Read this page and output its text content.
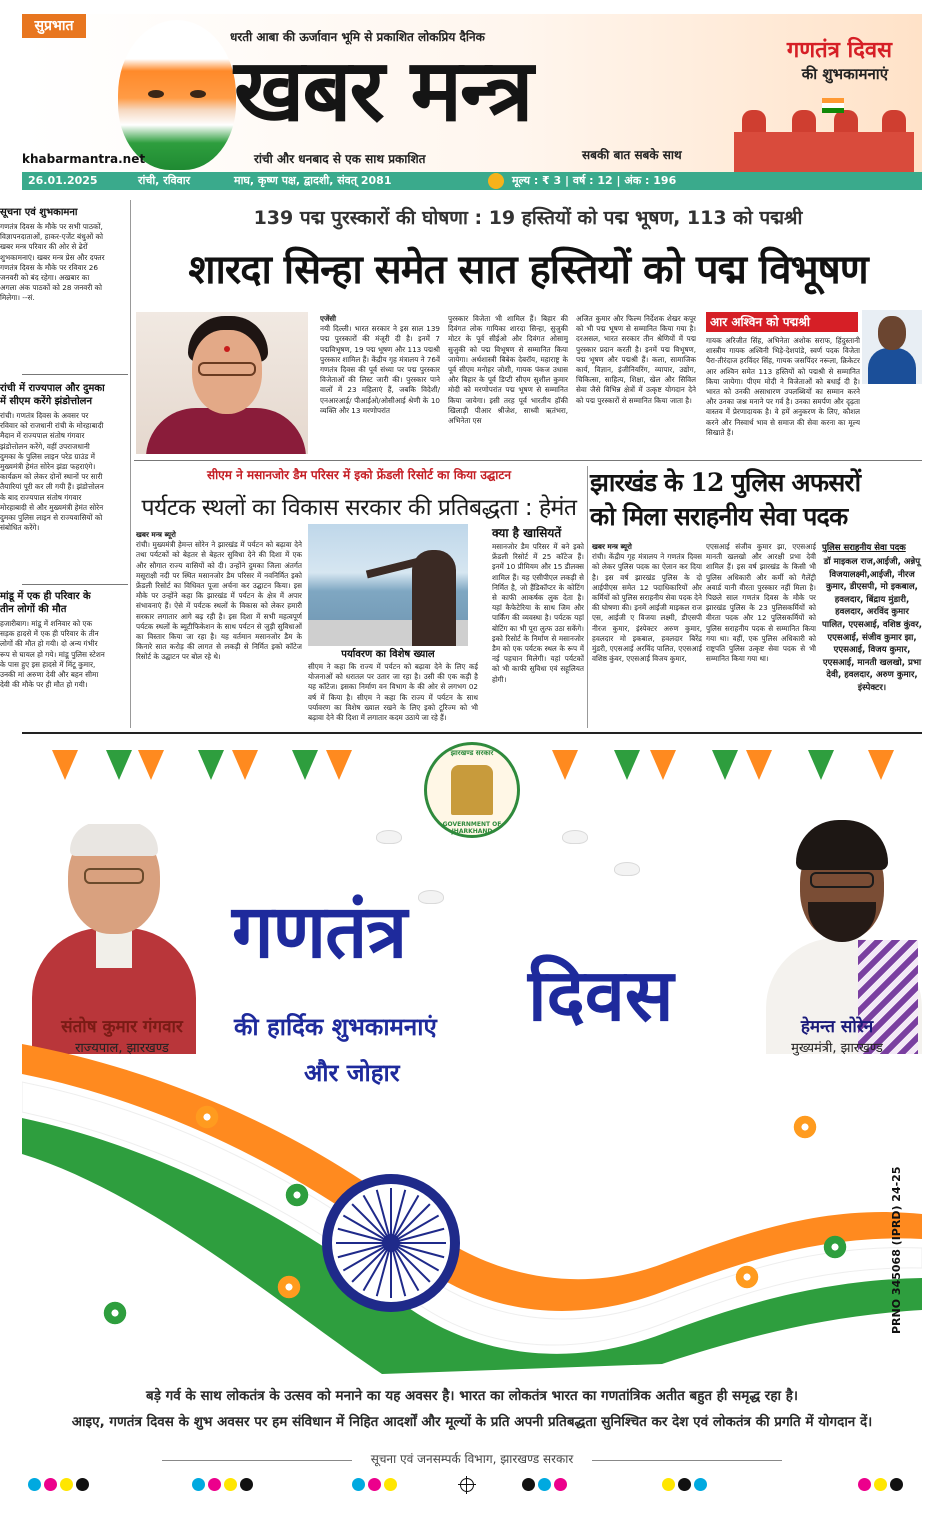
सुप्रभात
धरती आबा की ऊर्जावान भूमि से प्रकाशित लोकप्रिय दैनिक
खबर मन्त्र
रांची और धनबाद से एक साथ प्रकाशित	सबकी बात सबके साथ
khabarmantra.net
गणतंत्र दिवस
की शुभकामनाएं
26.01.2025	रांची, रविवार	माघ, कृष्ण पक्ष, द्वादशी, संवत् 2081	मूल्य : ₹ 3 | वर्ष : 12 | अंक : 196
सूचना एवं शुभकामना
गणतंत्र दिवस के मौके पर सभी पाठकों, विज्ञापनदाताओं, हाकर-एजेंट बंधुओं को खबर मन्त्र परिवार की ओर से ढेरों शुभकामनाएं। खबर मन्त्र प्रेस और दफ्तर गणतंत्र दिवस के मौके पर रविवार 26 जनवरी को बंद रहेगा। अखबार का अगला अंक पाठकों को 28 जनवरी को मिलेगा। --सं.
रांची में राज्यपाल और दुमका में सीएम करेंगे झंडोत्तोलन
रांची। गणतंत्र दिवस के अवसर पर रविवार को राजधानी रांची के मोरहाबादी मैदान में राज्यपाल संतोष गंगवार झंडोत्तोलन करेंगे, वहीं उपराजधानी दुमका के पुलिस लाइन परेड ग्राउंड में मुख्यमंत्री हेमंत सोरेन झंडा फहराएंगे। कार्यक्रम को लेकर दोनों स्थानों पर सारी तैयारियां पूरी कर ली गयी हैं। झंडोत्तोलन के बाद राज्यपाल संतोष गंगवार मोरहाबादी से और मुख्यमंत्री हेमंत सोरेन दुमका पुलिस लाइन से राज्यवासियों को संबोधित करेंगे।
मांडू में एक ही परिवार के तीन लोगों की मौत
हजारीबाग। मांडू में शनिवार को एक सड़क हादसे में एक ही परिवार के तीन लोगों की मौत हो गयी। दो अन्य गंभीर रूप से घायल हो गये। मांडू पुलिस स्टेशन के पास हुए इस हादसे में मिंटू कुमार, उनकी मां अरुणा देवी और बहन सीमा देवी की मौके पर ही मौत हो गयी।
139 पद्म पुरस्कारों की घोषणा : 19 हस्तियों को पद्म भूषण, 113 को पद्मश्री
शारदा सिन्हा समेत सात हस्तियों को पद्म विभूषण
एजेंसी
नयी दिल्ली। भारत सरकार ने इस साल 139 पद्म पुरस्कारों की मंजूरी दी है। इनमें 7 पद्मविभूषण, 19 पद्म भूषण और 113 पद्मश्री पुरस्कार शामिल हैं। केंद्रीय गृह मंत्रालय ने 76वें गणतंत्र दिवस की पूर्व संध्या पर पद्म पुरस्कार विजेताओं की लिस्ट जारी की। पुरस्कार पाने वालों में 23 महिलाएं हैं, जबकि विदेशी/ एनआरआई/ पीआईओ/ओसीआई श्रेणी के 10 व्यक्ति और 13 मरणोपरांत
पुरस्कार विजेता भी शामिल हैं। बिहार की दिवंगत लोक गायिका शारदा सिन्हा, सुजुकी मोटर के पूर्व सीईओ और दिवंगत ओसामु सुजुकी को पद्म विभूषण से सम्मानित किया जायेगा। अर्थशास्त्री बिबेक देबरॉय, महाराष्ट्र के पूर्व सीएम मनोहर जोशी, गायक पंकज उधास और बिहार के पूर्व डिप्टी सीएम सुशील कुमार मोदी को मरणोपरांत पद्म भूषण से सम्मानित किया जायेगा। इसी तरह पूर्व भारतीय हॉकी खिलाड़ी पीआर श्रीजेश, साध्वी ऋतंभरा, अभिनेता एस
अजित कुमार और फिल्म निर्देशक शेखर कपूर को भी पद्म भूषण से सम्मानित किया गया है। दरअसल, भारत सरकार तीन श्रेणियों में पद्म पुरस्कार प्रदान करती है। इनमें पद्म विभूषण, पद्म भूषण और पद्मश्री हैं। कला, सामाजिक कार्य, विज्ञान, इंजीनियरिंग, व्यापार, उद्योग, चिकित्सा, साहित्य, शिक्षा, खेल और सिविल सेवा जैसे विभिन्न क्षेत्रों में उत्कृष्ट योगदान देने को पद्म पुरस्कारों से सम्मानित किया जाता है।
आर अश्विन को पद्मश्री
गायक अरिजीत सिंह, अभिनेता अशोक सराफ, हिंदुस्तानी शास्त्रीय गायक अश्विनी भिड़े-देशपांडे, स्वर्ण पदक विजेता पैरा-तीरंदाज हरविंदर सिंह, गायक जसपिंदर नरूला, क्रिकेटर आर अश्विन समेत 113 हस्तियों को पद्मश्री से सम्मानित किया जायेगा। पीएम मोदी ने विजेताओं को बधाई दी है। भारत को उनकी असाधारण उपलब्धियों का सम्मान करने और उनका जश्न मनाने पर गर्व है। उनका समर्पण और दृढ़ता वास्तव में प्रेरणादायक है। वे हमें अनुकरण के लिए, कौशल करने और निस्वार्थ भाव से समाज की सेवा करना का मूल्य सिखाते हैं।
सीएम ने मसानजोर डैम परिसर में इको फ्रेंडली रिसोर्ट का किया उद्घाटन
पर्यटक स्थलों का विकास सरकार की प्रतिबद्धता : हेमंत
खबर मन्त्र ब्यूरो
रांची। मुख्यमंत्री हेमन्त सोरेन ने झारखंड में पर्यटन को बढ़ावा देने तथा पर्यटकों को बेहतर से बेहतर सुविधा देने की दिशा में एक और सौगात राज्य वासियों को दी। उन्होंने दुमका जिला अंतर्गत मसूराक्षी नदी पर स्थित मसानजोर डैम परिसर में नवनिर्मित इको फ्रेंडली रिसोर्ट का विधिवत पूजा अर्चना कर उद्घाटन किया। इस मौके पर उन्होंने कहा कि झारखंड में पर्यटन के क्षेत्र में अपार संभावनाएं हैं। ऐसे में पर्यटक स्थलों के विकास को लेकर हमारी सरकार लगातार आगे बढ़ रही है। इस दिशा में सभी महत्वपूर्ण पर्यटक स्थलों के ब्यूटीफिकेशन के साथ पर्यटन से जुड़ी सुविधाओं का विस्तार किया जा रहा है। यह वर्तमान मसानजोर डैम के किनारे सात करोड़ की लागत से लकड़ी से निर्मित इको कॉटेज रिसोर्ट के उद्घाटन पर बोल रहे थे।	पर्यावरण का विशेष ख्याल
सीएम ने कहा कि राज्य में पर्यटन को बढ़ावा देने के लिए कई योजनाओं को धरातल पर उतार जा रहा है। उसी की एक कड़ी है यह कॉटेज। इसका निर्माण वन विभाग के की ओर से लगभग 02 वर्ष में किया है। सीएम ने कहा कि राज्य में पर्यटन के साथ पर्यावरण का विशेष ख्याल रखने के लिए इको टूरिज्म को भी बढ़ावा देने की दिशा में लगातार कदम उठाये जा रहे हैं।
क्या है खासियतें
मसानजोर डैम परिसर में बने इको फ्रेंडली रिसोर्ट में 25 कॉटेज हैं। इनमें 10 प्रीमियम और 15 डीलक्स शामिल हैं। यह एसीपीएल लकड़ी से निर्मित है, जो हैंडिकॉप्टर के कोटिंग से काफी आकर्षक लुक देता है। यहां कैफेटेरिया के साथ जिम और पार्किंग की व्यवस्था है। पर्यटक यहां बोटिंग का भी पूरा लुत्फ उठा सकेंगे। इको रिसोर्ट के निर्माण से मसानजोर डैम को एक पर्यटक स्थल के रूप में नई पहचान मिलेगी। यहां पर्यटकों को भी काफी सुविधा एवं सहूलियत होगी।
झारखंड के 12 पुलिस अफसरों
को मिला सराहनीय सेवा पदक
खबर मन्त्र ब्यूरो
रांची। केंद्रीय गृह मंत्रालय ने गणतंत्र दिवस को लेकर पुलिस पदक का ऐलान कर दिया है। इस वर्ष झारखंड पुलिस के दो आईपीएस समेत 12 पदाधिकारियों और कर्मियों को पुलिस सराहनीय सेवा पदक देने की घोषणा की। इनमें आईजी माइकल राज एस, आईजी ए विजया लक्ष्मी, डीएसपी नीरज कुमार, इंस्पेक्टर अरुण कुमार, हवलदार मो इकबाल, हवलदार बिरेंद्र मुंडरी, एएसआई अरविंद पालित, एएसआई वशिष्ठ कुंवर, एएसआई विजय कुमार,
एएसआई संजीव कुमार झा, एएसआई मानती खलखो और आरक्षी प्रभा देवी शामिल हैं। इस वर्ष झारखंड के किसी भी पुलिस अधिकारी और कर्मी को गैलेंट्री अवार्ड यानी वीरता पुरस्कार नहीं मिला है। पिछले साल गणतंत्र दिवस के मौके पर झारखंड पुलिस के 23 पुलिसकर्मियों को वीरता पदक और 12 पुलिसकर्मियों को पुलिस सराहनीय पदक से सम्मानित किया गया था। वहीं, एक पुलिस अधिकारी को राष्ट्रपति पुलिस उत्कृष्ट सेवा पदक से भी सम्मानित किया गया था।
पुलिस सराहनीय सेवा पदक
डॉ माइकल राज,आईजी, अन्नेपू विजयालक्ष्मी,आईजी, नीरज कुमार, डीएसपी, मो इकबाल, हवलदार, बिंद्राय मुंडारी, हवलदार, अरविंद कुमार पालित, एएसआई, वशिष्ठ कुंवर, एएसआई, संजीव कुमार झा, एएसआई, विजय कुमार, एएसआई, मानती खलखो, प्रभा देवी, हवलदार, अरुण कुमार, इंस्पेक्टर।
झारखण्ड सरकार
GOVERNMENT OF JHARKHAND
संतोष कुमार गंगवार
राज्यपाल, झारखण्ड
हेमन्त सोरेन
मुख्यमंत्री, झारखण्ड
गणतंत्र
दिवस
की हार्दिक शुभकामनाएं
और जोहार
बड़े गर्व के साथ लोकतंत्र के उत्सव को मनाने का यह अवसर है। भारत का लोकतंत्र भारत का गणतांत्रिक अतीत बहुत ही समृद्ध रहा है।
आइए, गणतंत्र दिवस के शुभ अवसर पर हम संविधान में निहित आदर्शों और मूल्यों के प्रति अपनी प्रतिबद्धता सुनिश्चित कर देश एवं लोकतंत्र की प्रगति में योगदान दें।
सूचना एवं जनसम्पर्क विभाग, झारखण्ड सरकार
PRNO 345068 (IPRD) 24-25
